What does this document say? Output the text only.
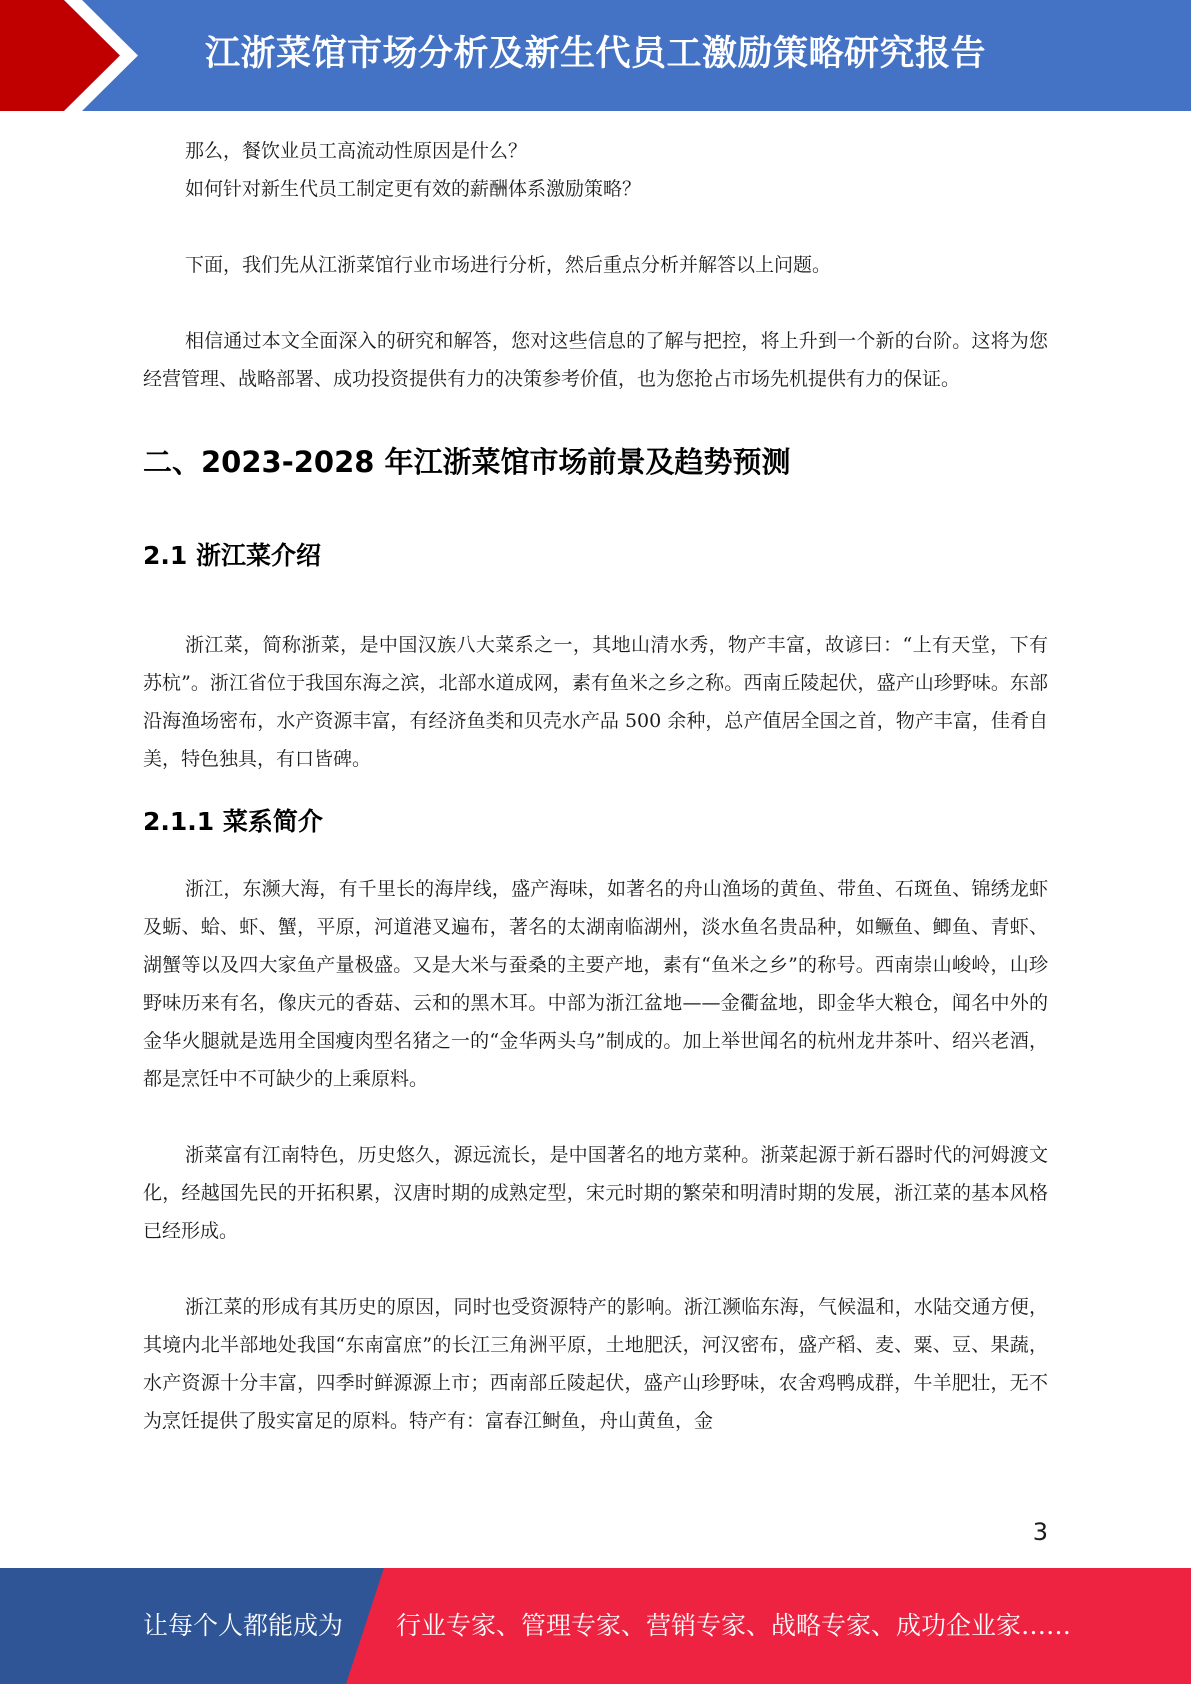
江浙菜馆市场分析及新生代员工激励策略研究报告

那么，餐饮业员工高流动性原因是什么？

如何针对新生代员工制定更有效的薪酬体系激励策略？

下面，我们先从江浙菜馆行业市场进行分析，然后重点分析并解答以上问题。

相信通过本文全面深入的研究和解答，您对这些信息的了解与把控，将上升到一个新的台阶。这将为您经营管理、战略部署、成功投资提供有力的决策参考价值，也为您抢占市场先机提供有力的保证。

二、2023-2028 年江浙菜馆市场前景及趋势预测
2.1 浙江菜介绍

浙江菜，简称浙菜，是中国汉族八大菜系之一，其地山清水秀，物产丰富，故谚曰：“上有天堂，下有苏杭”。浙江省位于我国东海之滨，北部水道成网，素有鱼米之乡之称。西南丘陵起伏，盛产山珍野味。东部沿海渔场密布，水产资源丰富，有经济鱼类和贝壳水产品 500 余种，总产值居全国之首，物产丰富，佳肴自美，特色独具，有口皆碑。

2.1.1 菜系简介

浙江，东濒大海，有千里长的海岸线，盛产海味，如著名的舟山渔场的黄鱼、带鱼、石斑鱼、锦绣龙虾及蛎、蛤、虾、蟹，平原，河道港叉遍布，著名的太湖南临湖州，淡水鱼名贵品种，如鳜鱼、鲫鱼、青虾、湖蟹等以及四大家鱼产量极盛。又是大米与蚕桑的主要产地，素有“鱼米之乡”的称号。西南崇山峻岭，山珍野味历来有名，像庆元的香菇、云和的黑木耳。中部为浙江盆地——金衢盆地，即金华大粮仓，闻名中外的金华火腿就是选用全国瘦肉型名猪之一的“金华两头乌”制成的。加上举世闻名的杭州龙井茶叶、绍兴老酒，都是烹饪中不可缺少的上乘原料。

浙菜富有江南特色，历史悠久，源远流长，是中国著名的地方菜种。浙菜起源于新石器时代的河姆渡文化，经越国先民的开拓积累，汉唐时期的成熟定型，宋元时期的繁荣和明清时期的发展，浙江菜的基本风格已经形成。

浙江菜的形成有其历史的原因，同时也受资源特产的影响。浙江濒临东海，气候温和，水陆交通方便，其境内北半部地处我国“东南富庶”的长江三角洲平原，土地肥沃，河汉密布，盛产稻、麦、粟、豆、果蔬，水产资源十分丰富，四季时鲜源源上市；西南部丘陵起伏，盛产山珍野味，农舍鸡鸭成群，牛羊肥壮，无不为烹饪提供了殷实富足的原料。特产有：富春江鲥鱼，舟山黄鱼，金

3
让每个人都能成为 行业专家、管理专家、营销专家、战略专家、成功企业家……
